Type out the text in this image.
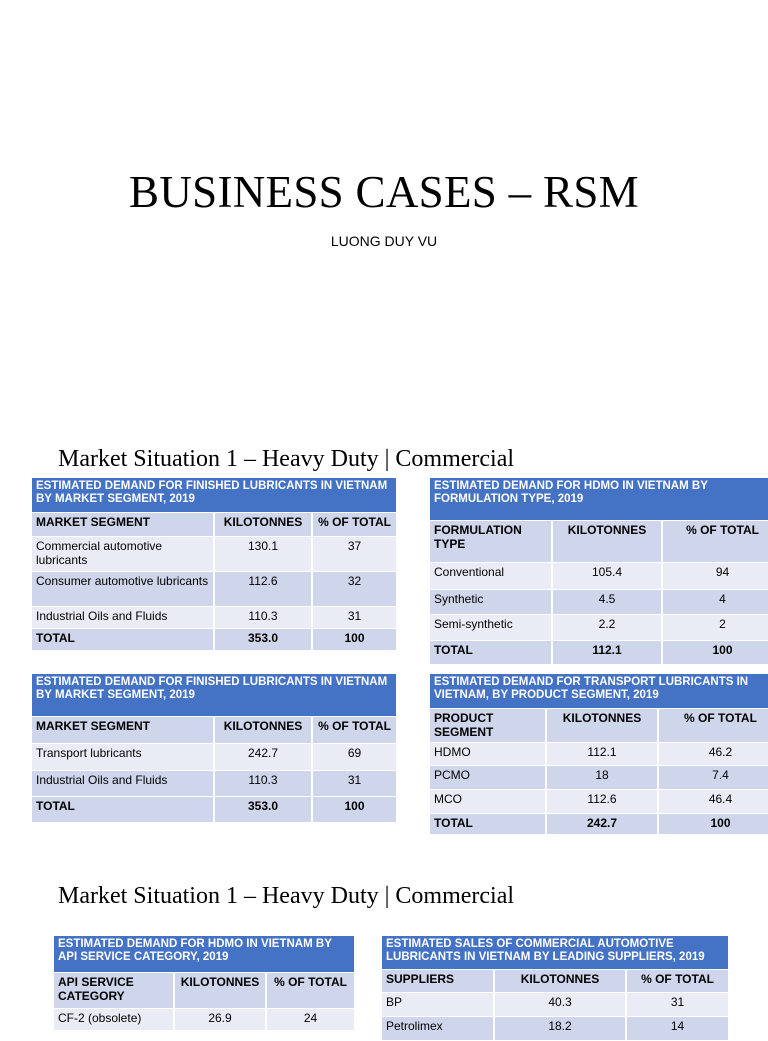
BUSINESS CASES – RSM
LUONG DUY VU
Market Situation 1 – Heavy Duty | Commercial
ESTIMATED DEMAND FOR FINISHED LUBRICANTS IN VIETNAM BY MARKET SEGMENT, 2019		
MARKET SEGMENT	KILOTONNES	% OF TOTAL
Commercial automotive lubricants	130.1	37
Consumer automotive lubricants	112.6	32
Industrial Oils and Fluids	110.3	31
TOTAL	353.0	100
ESTIMATED DEMAND FOR HDMO IN VIETNAM BY FORMULATION TYPE, 2019		
FORMULATION TYPE	KILOTONNES	% OF TOTAL
Conventional	105.4	94
Synthetic	4.5	4
Semi-synthetic	2.2	2
TOTAL	112.1	100
ESTIMATED DEMAND FOR FINISHED LUBRICANTS IN VIETNAM BY MARKET SEGMENT, 2019		
MARKET SEGMENT	KILOTONNES	% OF TOTAL
Transport lubricants	242.7	69
Industrial Oils and Fluids	110.3	31
TOTAL	353.0	100
ESTIMATED DEMAND FOR TRANSPORT LUBRICANTS IN VIETNAM, BY PRODUCT SEGMENT, 2019		
PRODUCT SEGMENT	KILOTONNES	% OF TOTAL
HDMO	112.1	46.2
PCMO	18	7.4
MCO	112.6	46.4
TOTAL	242.7	100
Market Situation 1 – Heavy Duty | Commercial
ESTIMATED DEMAND FOR HDMO IN VIETNAM BY API SERVICE CATEGORY, 2019		
API SERVICE CATEGORY	KILOTONNES	% OF TOTAL
CF-2 (obsolete)	26.9	24
ESTIMATED SALES OF COMMERCIAL AUTOMOTIVE LUBRICANTS IN VIETNAM BY LEADING SUPPLIERS, 2019		
SUPPLIERS	KILOTONNES	% OF TOTAL
BP	40.3	31
Petrolimex	18.2	14
